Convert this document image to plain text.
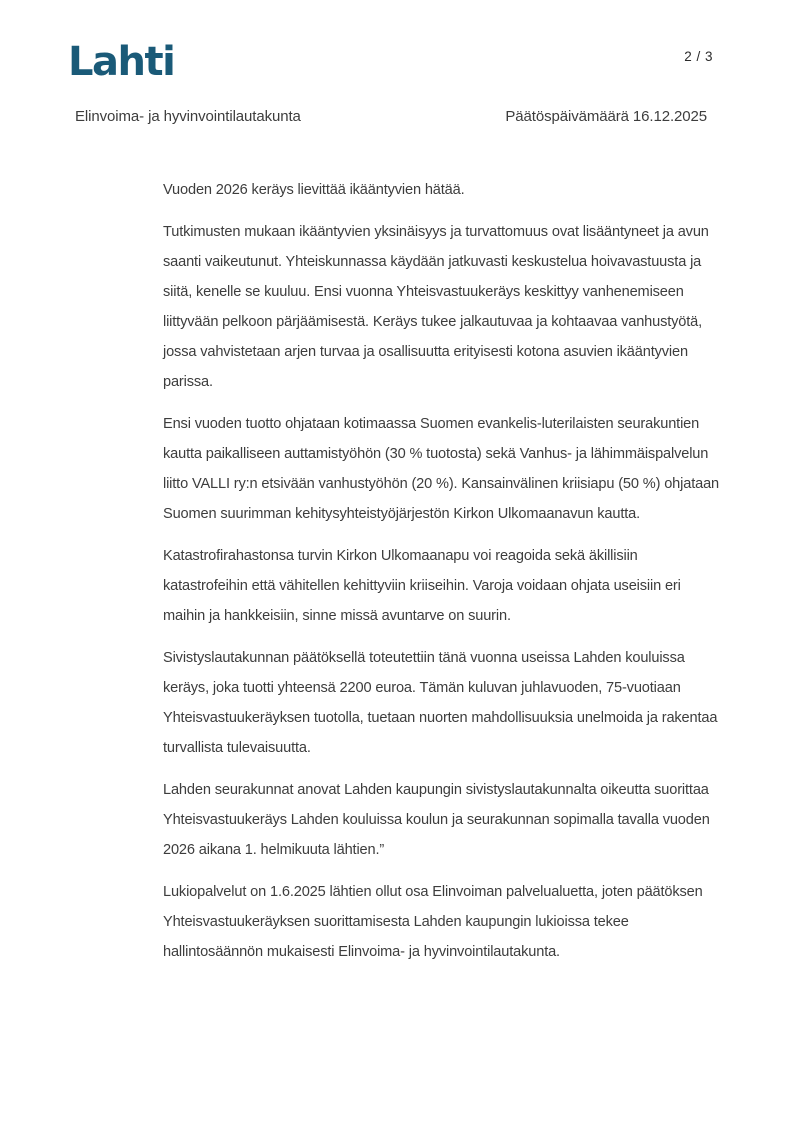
Lahti	2 / 3
Elinvoima- ja hyvinvointilautakunta	Päätöspäivämäärä 16.12.2025

Vuoden 2026 keräys lievittää ikääntyvien hätää.

Tutkimusten mukaan ikääntyvien yksinäisyys ja turvattomuus ovat lisääntyneet ja avun saanti vaikeutunut. Yhteiskunnassa käydään jatkuvasti keskustelua hoivavastuusta ja siitä, kenelle se kuuluu. Ensi vuonna Yhteisvastuukeräys keskittyy vanhenemiseen liittyvään pelkoon pärjäämisestä. Keräys tukee jalkautuvaa ja kohtaavaa vanhustyötä, jossa vahvistetaan arjen turvaa ja osallisuutta erityisesti kotona asuvien ikääntyvien parissa.

Ensi vuoden tuotto ohjataan kotimaassa Suomen evankelis-luterilaisten seurakuntien kautta paikalliseen auttamistyöhön (30 % tuotosta) sekä Vanhus- ja lähimmäispalvelun liitto VALLI ry:n etsivään vanhustyöhön (20 %). Kansainvälinen kriisiapu (50 %) ohjataan Suomen suurimman kehitysyhteistyöjärjestön Kirkon Ulkomaanavun kautta.

Katastrofirahastonsa turvin Kirkon Ulkomaanapu voi reagoida sekä äkillisiin katastrofeihin että vähitellen kehittyviin kriiseihin. Varoja voidaan ohjata useisiin eri maihin ja hankkeisiin, sinne missä avuntarve on suurin.

Sivistyslautakunnan päätöksellä toteutettiin tänä vuonna useissa Lahden kouluissa keräys, joka tuotti yhteensä 2200 euroa. Tämän kuluvan juhlavuoden, 75-vuotiaan Yhteisvastuukeräyksen tuotolla, tuetaan nuorten mahdollisuuksia unelmoida ja rakentaa turvallista tulevaisuutta.

Lahden seurakunnat anovat Lahden kaupungin sivistyslautakunnalta oikeutta suorittaa Yhteisvastuukeräys Lahden kouluissa koulun ja seurakunnan sopimalla tavalla vuoden 2026 aikana 1. helmikuuta lähtien.”

Lukiopalvelut on 1.6.2025 lähtien ollut osa Elinvoiman palvelualuetta, joten päätöksen Yhteisvastuukeräyksen suorittamisesta Lahden kaupungin lukioissa tekee hallintosäännön mukaisesti Elinvoima- ja hyvinvointilautakunta.
